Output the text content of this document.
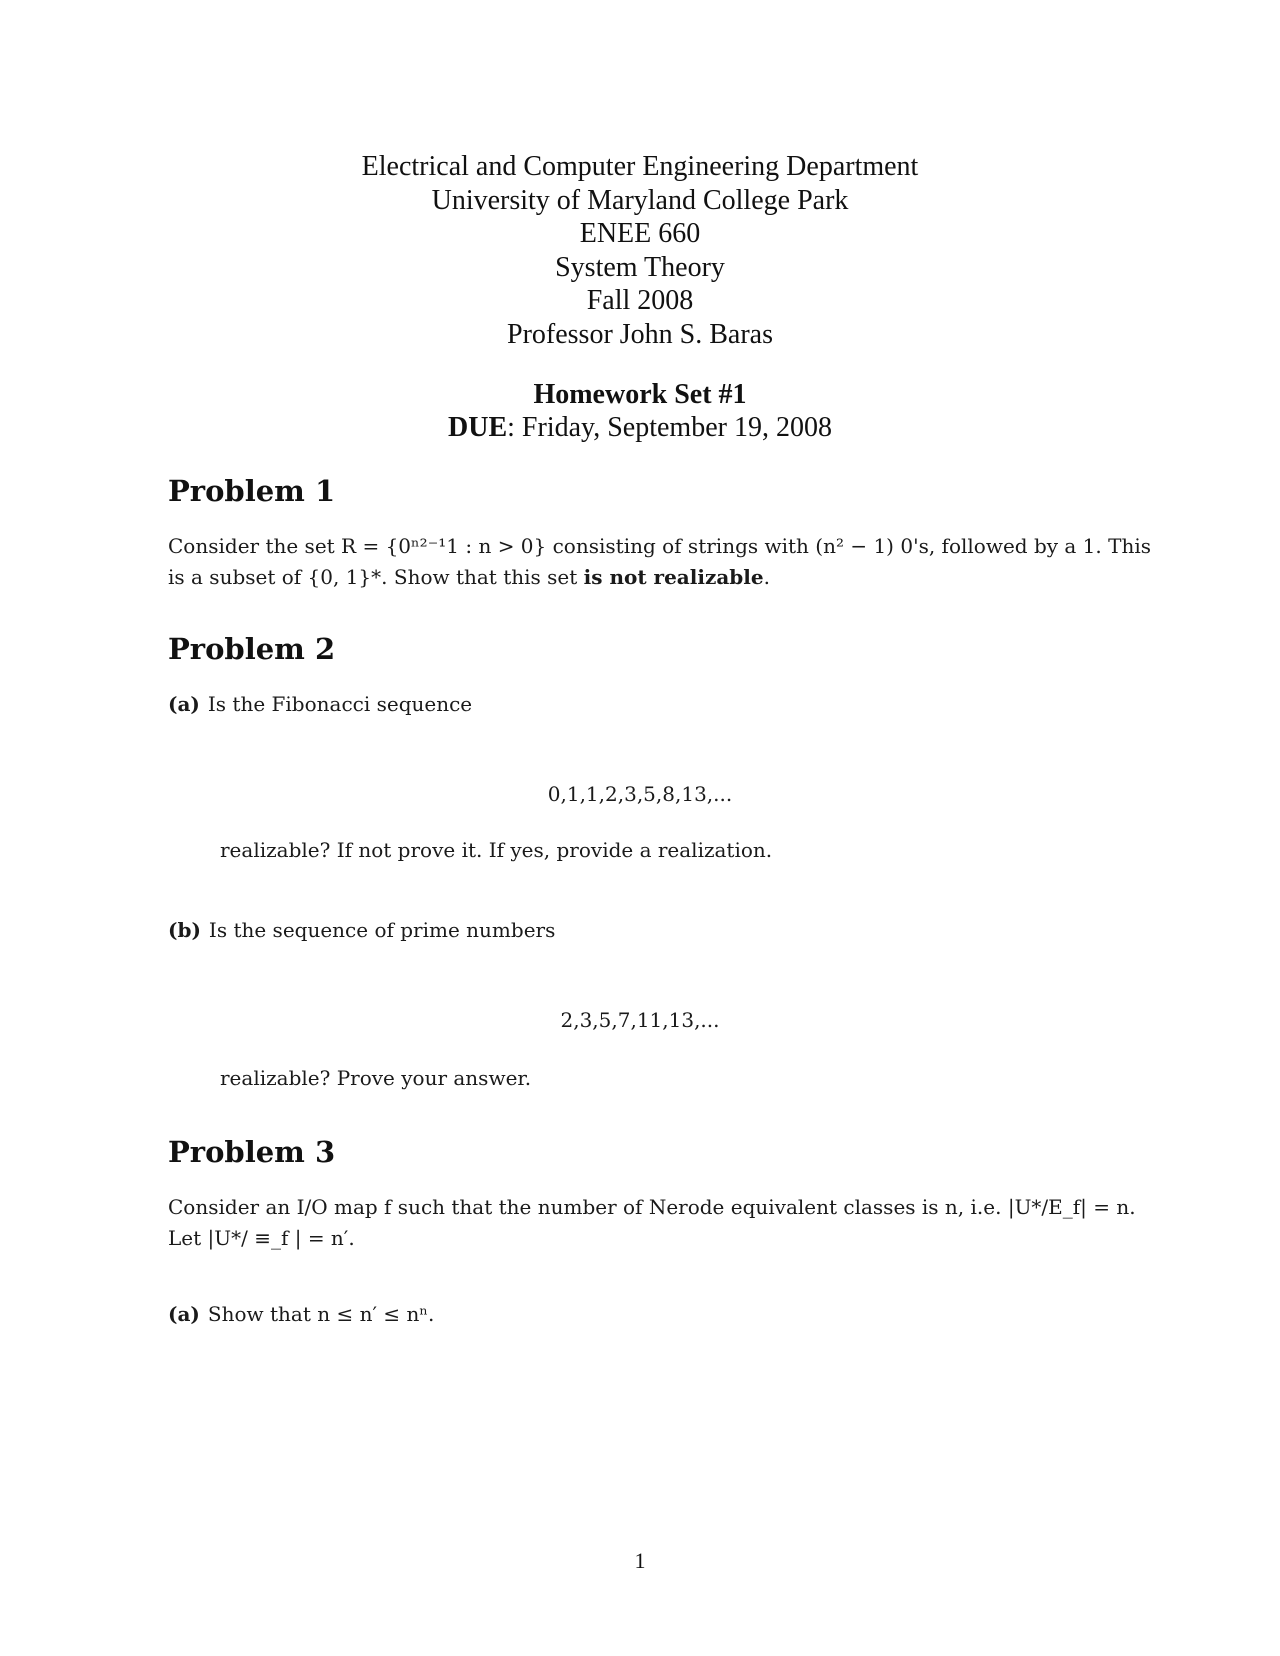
Electrical and Computer Engineering Department
University of Maryland College Park
ENEE 660
System Theory
Fall 2008
Professor John S. Baras
Homework Set #1
DUE: Friday, September 19, 2008
Problem 1
Consider the set R = {0ⁿ²⁻¹1 : n > 0} consisting of strings with (n² − 1) 0's, followed by a 1. This
is a subset of {0, 1}*. Show that this set is not realizable.
Problem 2
(a) Is the Fibonacci sequence
0,1,1,2,3,5,8,13,...
realizable? If not prove it. If yes, provide a realization.
(b) Is the sequence of prime numbers
2,3,5,7,11,13,...
realizable? Prove your answer.
Problem 3
Consider an I/O map f such that the number of Nerode equivalent classes is n, i.e. |U*/E_f| = n.
Let |U*/ ≡_f | = n′.
(a) Show that n ≤ n′ ≤ nⁿ.
1
